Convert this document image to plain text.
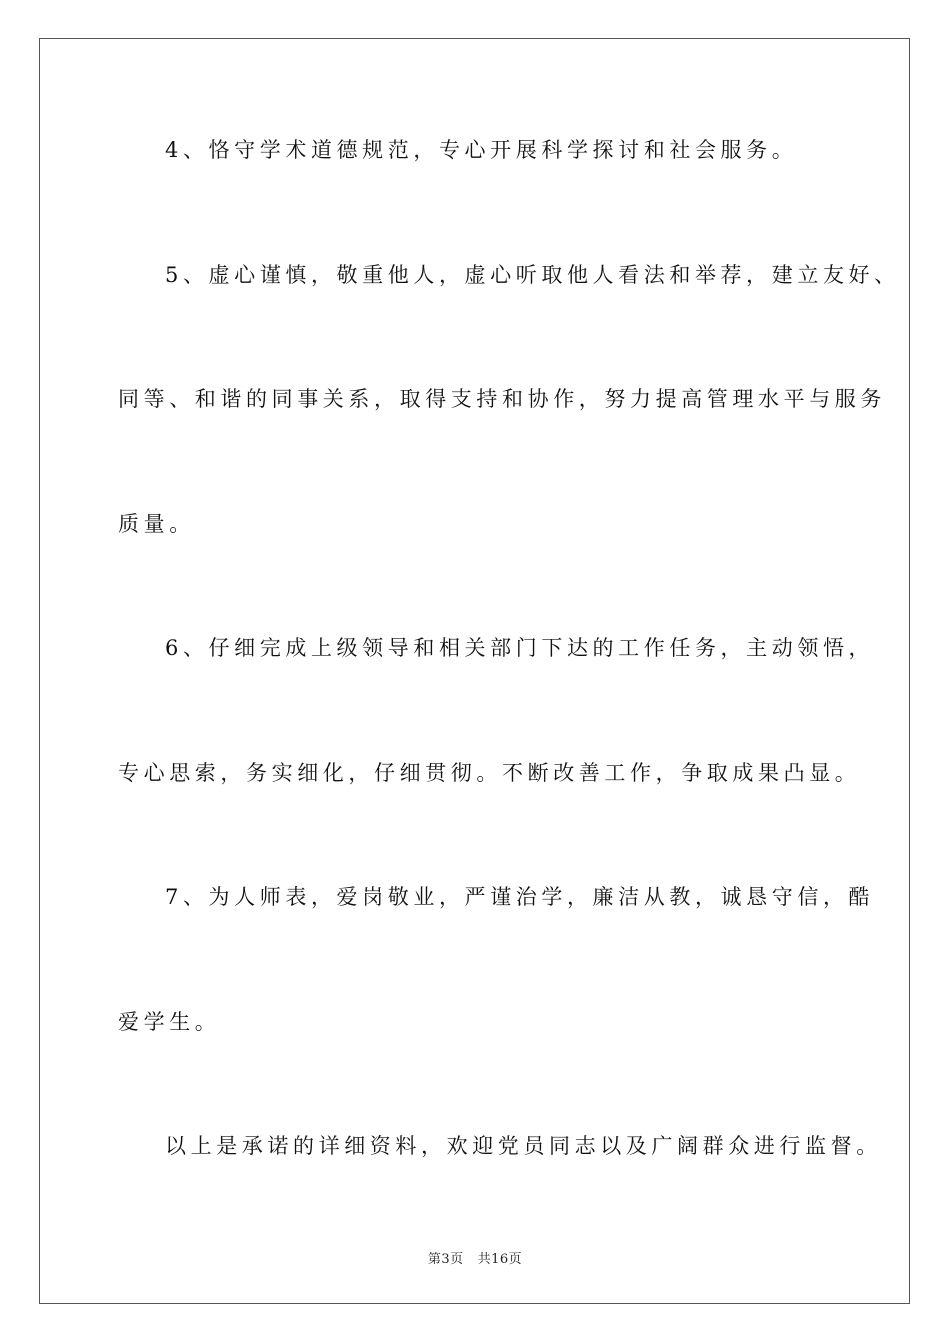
4、恪守学术道德规范，专心开展科学探讨和社会服务。
5、虚心谨慎，敬重他人，虚心听取他人看法和举荐，建立友好、
同等、和谐的同事关系，取得支持和协作，努力提高管理水平与服务
质量。
6、仔细完成上级领导和相关部门下达的工作任务，主动领悟，
专心思索，务实细化，仔细贯彻。不断改善工作，争取成果凸显。
7、为人师表，爱岗敬业，严谨治学，廉洁从教，诚恳守信，酷
爱学生。
以上是承诺的详细资料，欢迎党员同志以及广阔群众进行监督。
第3页 共16页
